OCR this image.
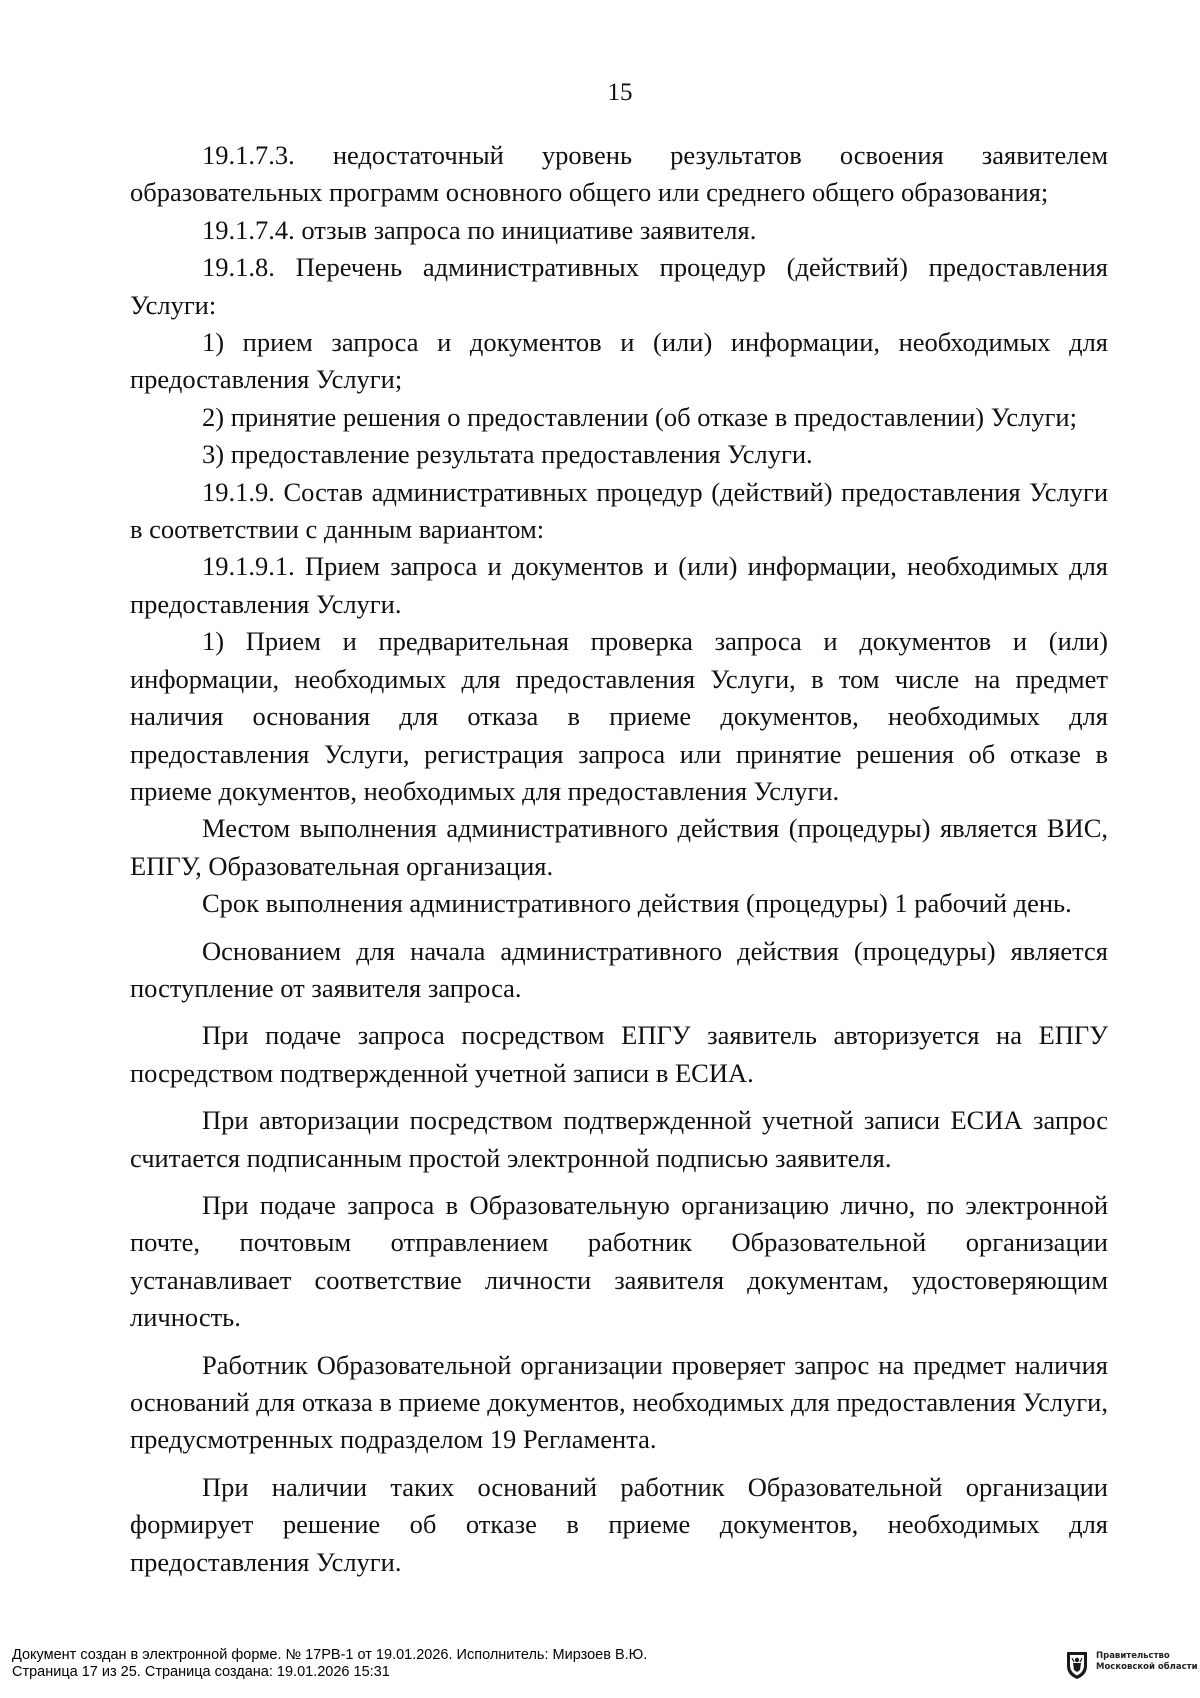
15

19.1.7.3. недостаточный уровень результатов освоения заявителем образовательных программ основного общего или среднего общего образования;

19.1.7.4. отзыв запроса по инициативе заявителя.

19.1.8. Перечень административных процедур (действий) предоставления Услуги:

1) прием запроса и документов и (или) информации, необходимых для предоставления Услуги;

2) принятие решения о предоставлении (об отказе в предоставлении) Услуги;

3) предоставление результата предоставления Услуги.

19.1.9. Состав административных процедур (действий) предоставления Услуги в соответствии с данным вариантом:

19.1.9.1. Прием запроса и документов и (или) информации, необходимых для предоставления Услуги.

1) Прием и предварительная проверка запроса и документов и (или) информации, необходимых для предоставления Услуги, в том числе на предмет наличия основания для отказа в приеме документов, необходимых для предоставления Услуги, регистрация запроса или принятие решения об отказе в приеме документов, необходимых для предоставления Услуги.

Местом выполнения административного действия (процедуры) является ВИС, ЕПГУ, Образовательная организация.

Срок выполнения административного действия (процедуры) 1 рабочий день.

Основанием для начала административного действия (процедуры) является поступление от заявителя запроса.

При подаче запроса посредством ЕПГУ заявитель авторизуется на ЕПГУ посредством подтвержденной учетной записи в ЕСИА.

При авторизации посредством подтвержденной учетной записи ЕСИА запрос считается подписанным простой электронной подписью заявителя.

При подаче запроса в Образовательную организацию лично, по электронной почте, почтовым отправлением работник Образовательной организации устанавливает соответствие личности заявителя документам, удостоверяющим личность.

Работник Образовательной организации проверяет запрос на предмет наличия оснований для отказа в приеме документов, необходимых для предоставления Услуги, предусмотренных подразделом 19 Регламента.

При наличии таких оснований работник Образовательной организации формирует решение об отказе в приеме документов, необходимых для предоставления Услуги.

Документ создан в электронной форме. № 17РВ-1 от 19.01.2026. Исполнитель: Мирзоев В.Ю.
Страница 17 из 25. Страница создана: 19.01.2026 15:31
Правительство
Московской области
